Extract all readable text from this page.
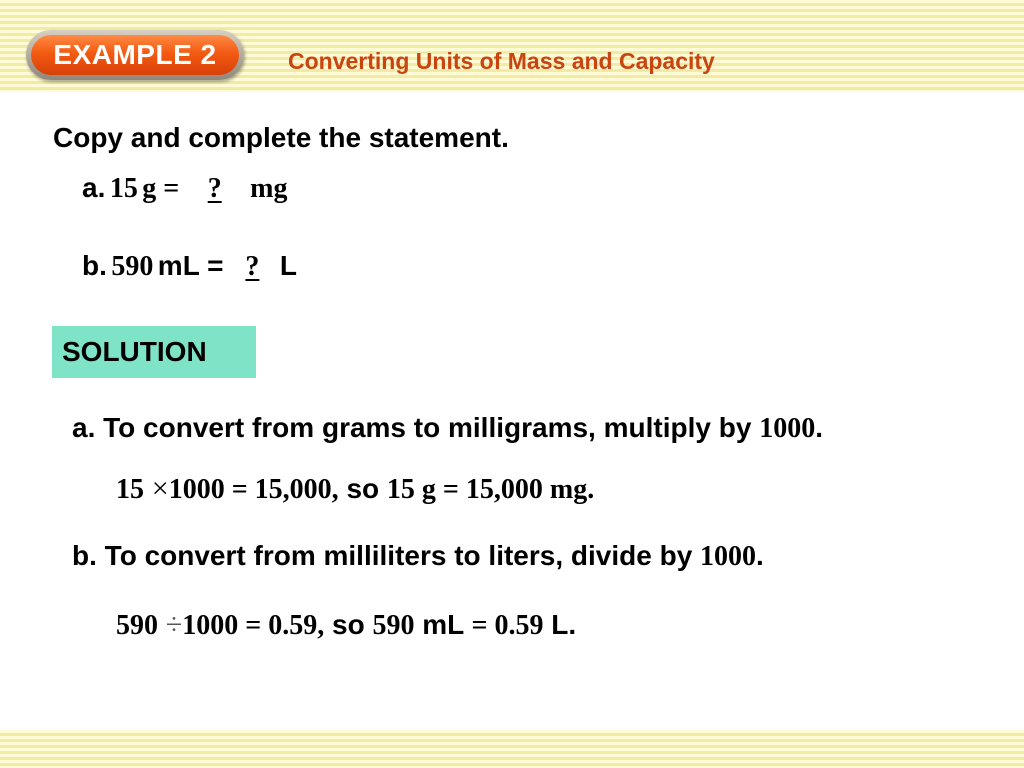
EXAMPLE 2	Converting Units of Mass and Capacity
Copy and complete the statement.
a. 15 g = ? mg
b. 590 mL = ? L
SOLUTION
a. To convert from grams to milligrams, multiply by 1000.
15 ×1000 = 15,000, so 15 g = 15,000 mg.
b. To convert from milliliters to liters, divide by 1000.
590 ÷1000 = 0.59, so 590 mL = 0.59 L.
